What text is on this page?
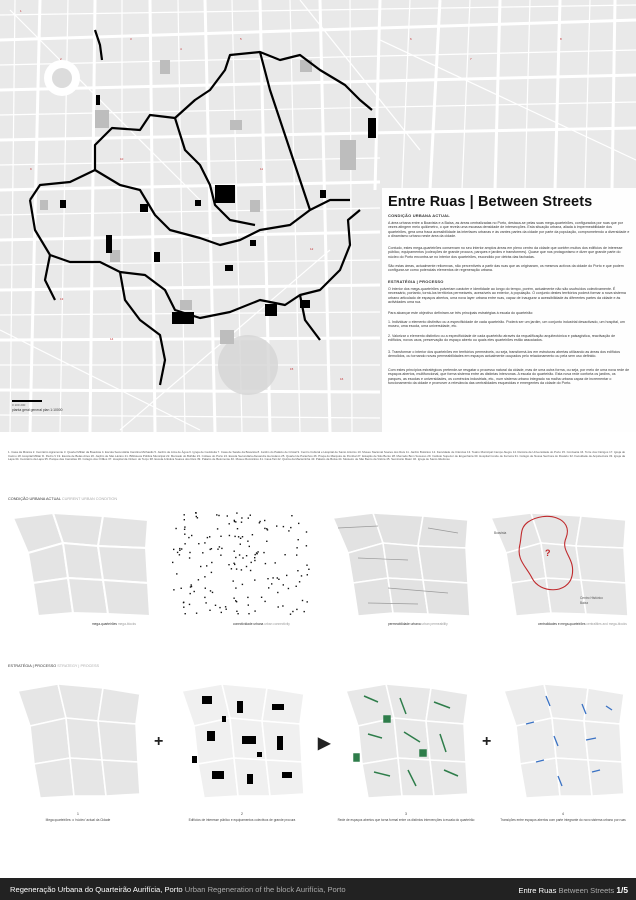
1
2
3
4
5	6
7
8
9
10
11
12
13
14
15
16
Entre Ruas | Between Streets
CONDIÇÃO URBANA ACTUAL

A área urbana entre a Boavista e a Baixa, as áreas centralizadas no Porto, destaca-se pelas suas mega-quarteirões, configurados por ruas que por vezes atingem meio quilómetro, o que revela uma escassa densidade de intersecções. Esta situação urbana, aliada à impermeabilidade dos quarteirões, gera uma fraca acessibilidade às interfaces urbanas e às vantes partes da cidade por parte da população, comprometendo a diversidade e o dinamismo urbano neste área da cidade.

Contudo, estes mega-quarteirões conservam no seu interior amplos áreas em pleno centro da cidade que contêm muitos dos edifícios de interesse público, equipamentos (colecções de grande procura, parques e jardins e transformes). Quase que nos protagonismo e dizer que grande parte do núcleo do Porto encontra-se no interior dos quarteirões, escondido por detrás das fachadas.

São estas áreas, actualmente relicenvas, não percentíveis a partir das ruas que as originaram, os mesmos actívos da cidade do Porto e que podem configurar-se como potenciais elementos de regeneração urbana.

ESTRATÉGIA | PROCESSO

O interior dos mega-quarteirões pulveriam carácter e identidade ao longo do tempo, porém, actualmente não são usufruídos colectivamente. É necessário, portanto, torná-los territórios permeáveis, acessíveis ao exterior, à população. O conjunto destes territórios poderá formar a nova sistema urbano articulado de espaços abertos, uma nova layer urbana entre ruas, capaz de inaugurar a acessibilidade às diferentes partes da cidade e às actividades uma rua.

Para alcançar este objectivo definiram-se três principais estratégias à escala do quarteirão:

1. Individuar o elemento distintivo ou a especificidade de cada quarteirão. Poderá ser um jardim, um conjunto industrial desactivado, um hospital, um museu, uma escola, uma universidade, etc.

2. Valorizar o elemento distintivo ou a especificidade de cada quarteirão através da requalificação arquitectónica e paisagística, reactivação de edifícios, novos usos, preservação do espaço aberto ou quais eles quarteirões estão associados.

3. Transformar o interior dos quarteirões em territórios permeáveis, ou seja, transformá-los em estruturas abertas utilizando as áreas dos edifícios demolidos, ou tornando novas permeabilidades em espaços actualmente ocupados pelo relacionamento ou pela sem uso definido.

Com estes princípios estratégicos pretende-se resgatar o processo natural da cidade, mas de uma outra forma, ou seja, por meio de uma nova rede de espaços abertos, multifuncional, que forma sistema entre as distintas interzonas. A escala do quarteirão. Esta nova rede conforta os jardins, os parques, as escolas e universidades, os comércios industriais, etc., num sistema urbano integrado na malha urbana capaz de incrementar o funcionamento da cidade e promover a relevância das centralidades esquecidas e emergentes da cidade do Porto.

0 100 200
planta geral general plan 1:10000

1. Casa da Música 2. Cemitério Agramonte 3. Quartel Militar da Boavista 4. Escola Secundária Carolina Michaëlis 5. Jardim de Arca de Água 6. Igreja de Cedofeita 7. Casa de Saúde da Boavista 8. Jardim do Palácio de Cristal 9. Centro Cultural e Hospital de Santo António 10. Museu Nacional Soares dos Reis 11. Jardim Botânico 12. Faculdade de Ciências 13. Teatro Municipal Campo Alegre 14. Reitoria da Universidade do Porto 15. Cordoaria 16. Torre dos Clérigos 17. Igreja do Carmo 18. Hospital Militar D. Pedro V 19. Escola de Belas Artes 20. Jardim de São Lázaro 21. Biblioteca Pública Municipal 22. Mercado do Bolhão 23. Coliseu do Porto 24. Escola Secundária Alexandre Herculano 25. Quartel de Paranhos 26. Praça do Marquês de Pombal 27. Estação de São Bento 28. Mercado Bom Sucesso 29. Instituto Superior de Engenharia 30. Hospital Conde de Ferreira 31. Colégio de Nossa Senhora do Rosário 32. Faculdade de Arquitectura 33. Igreja da Lapa 34. Cemitério da Lapa 35. Parque das Camélias 36. Colégio dos Órfãos 37. Hospital da Ordem do Terço 38. Escola Artística Soares dos Reis 39. Palácio de Belomonte 40. Museu Romântico 41. Casa Tait 42. Quinta da Macieirinha 43. Palácio da Bolsa 44. Mosteiro de São Bento da Vitória 45. Seminário Maior 46. Igreja de Santo Ildefonso

CONDIÇÃO URBANA ACTUAL CURRENT URBAN CONDITION
mega-quarteirões mega-blocks	conectividade urbana urban connectivity	permeabilidade urbana urban permeability
Boavista
Centro Histórico
Baixa
?
centralidades e mega-quarteirões centralities and mega-blocks
ESTRATÉGIA | PROCESSO STRATEGY | PROCESS
+	▶	+
1
Mega quarteirões: o 'núcleo' actual da Cidade
2
Edifícios de interesse público e equipamentos colectivos de grande procura
3
Rede de espaços abertos que torna formal entre os distintos intervenções à escala do quarteirão
4
Transições entre espaços abertos com parte integrante do novo sistema urbano por ruas
Regeneração Urbana do Quarteirão Aurifícia, Porto Urban Regeneration of the block Aurifícia, Porto	Entre Ruas Between Streets 1/5
